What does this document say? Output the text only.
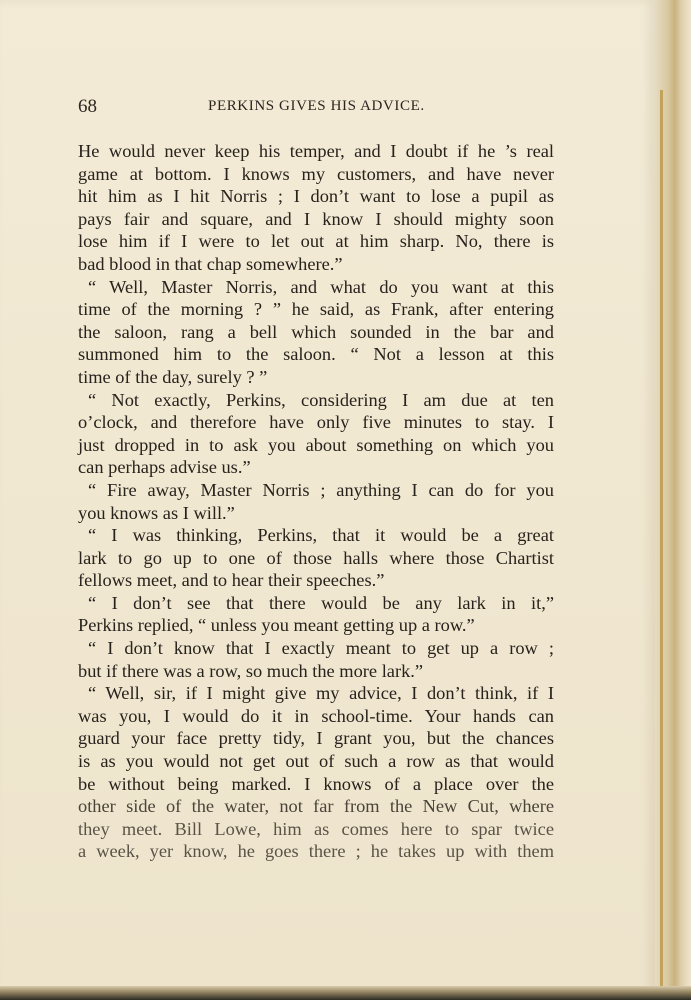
68	PERKINS GIVES HIS ADVICE.
He would never keep his temper, and I doubt if he ’s real
game at bottom. I knows my customers, and have never
hit him as I hit Norris ; I don’t want to lose a pupil as
pays fair and square, and I know I should mighty soon
lose him if I were to let out at him sharp. No, there is
bad blood in that chap somewhere.”
“ Well, Master Norris, and what do you want at this
time of the morning ? ” he said, as Frank, after entering
the saloon, rang a bell which sounded in the bar and
summoned him to the saloon. “ Not a lesson at this
time of the day, surely ? ”
“ Not exactly, Perkins, considering I am due at ten
o’clock, and therefore have only five minutes to stay. I
just dropped in to ask you about something on which you
can perhaps advise us.”
“ Fire away, Master Norris ; anything I can do for you
you knows as I will.”
“ I was thinking, Perkins, that it would be a great
lark to go up to one of those halls where those Chartist
fellows meet, and to hear their speeches.”
“ I don’t see that there would be any lark in it,”
Perkins replied, “ unless you meant getting up a row.”
“ I don’t know that I exactly meant to get up a row ;
but if there was a row, so much the more lark.”
“ Well, sir, if I might give my advice, I don’t think, if I
was you, I would do it in school-time. Your hands can
guard your face pretty tidy, I grant you, but the chances
is as you would not get out of such a row as that would
be without being marked. I knows of a place over the
other side of the water, not far from the New Cut, where
they meet. Bill Lowe, him as comes here to spar twice
a week, yer know, he goes there ; he takes up with them
